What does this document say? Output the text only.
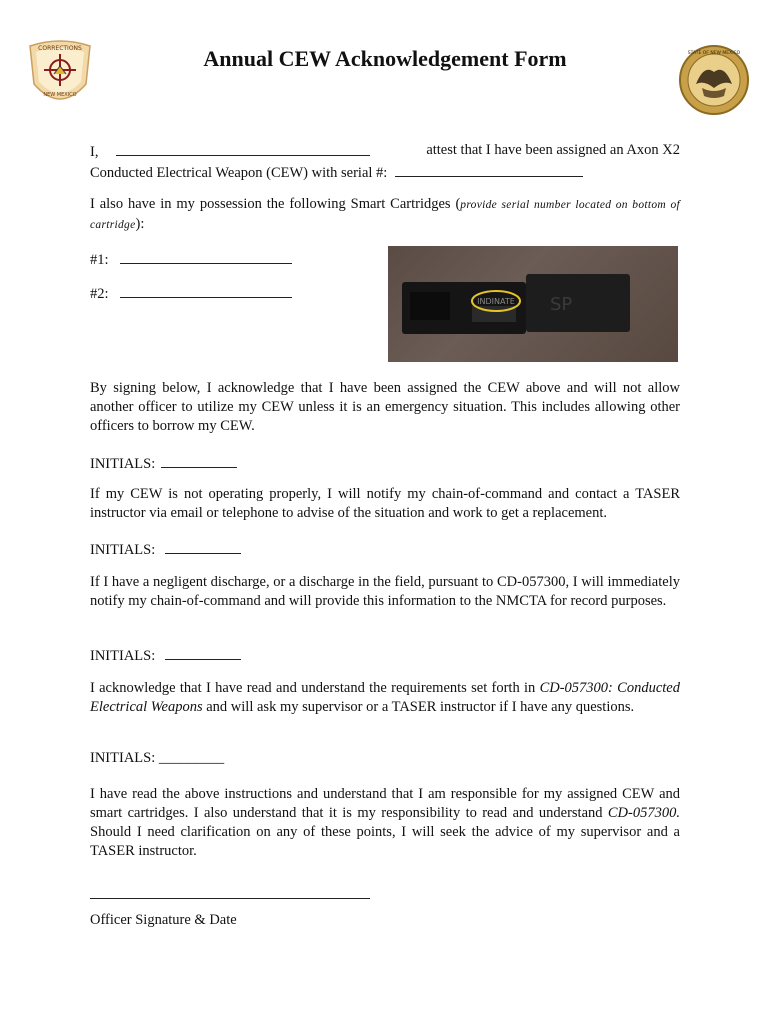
Annual CEW Acknowledgement Form
CORRECTIONS
NEW MEXICO
STATE OF NEW MEXICO
I,	attest that I have been assigned an Axon X2
Conducted Electrical Weapon (CEW) with serial #:
I also have in my possession the following Smart Cartridges (provide serial number located on bottom of cartridge):
#1:
#2:	INDINATE SP
By signing below, I acknowledge that I have been assigned the CEW above and will not allow another officer to utilize my CEW unless it is an emergency situation. This includes allowing other officers to borrow my CEW.
INITIALS:
If my CEW is not operating properly, I will notify my chain-of-command and contact a TASER instructor via email or telephone to advise of the situation and work to get a replacement.
INITIALS:
If I have a negligent discharge, or a discharge in the field, pursuant to CD-057300, I will immediately notify my chain-of-command and will provide this information to the NMCTA for record purposes.
INITIALS:
I acknowledge that I have read and understand the requirements set forth in CD-057300: Conducted Electrical Weapons and will ask my supervisor or a TASER instructor if I have any questions.
INITIALS: _________
I have read the above instructions and understand that I am responsible for my assigned CEW and smart cartridges. I also understand that it is my responsibility to read and understand CD-057300. Should I need clarification on any of these points, I will seek the advice of my supervisor and a TASER instructor.
Officer Signature & Date
